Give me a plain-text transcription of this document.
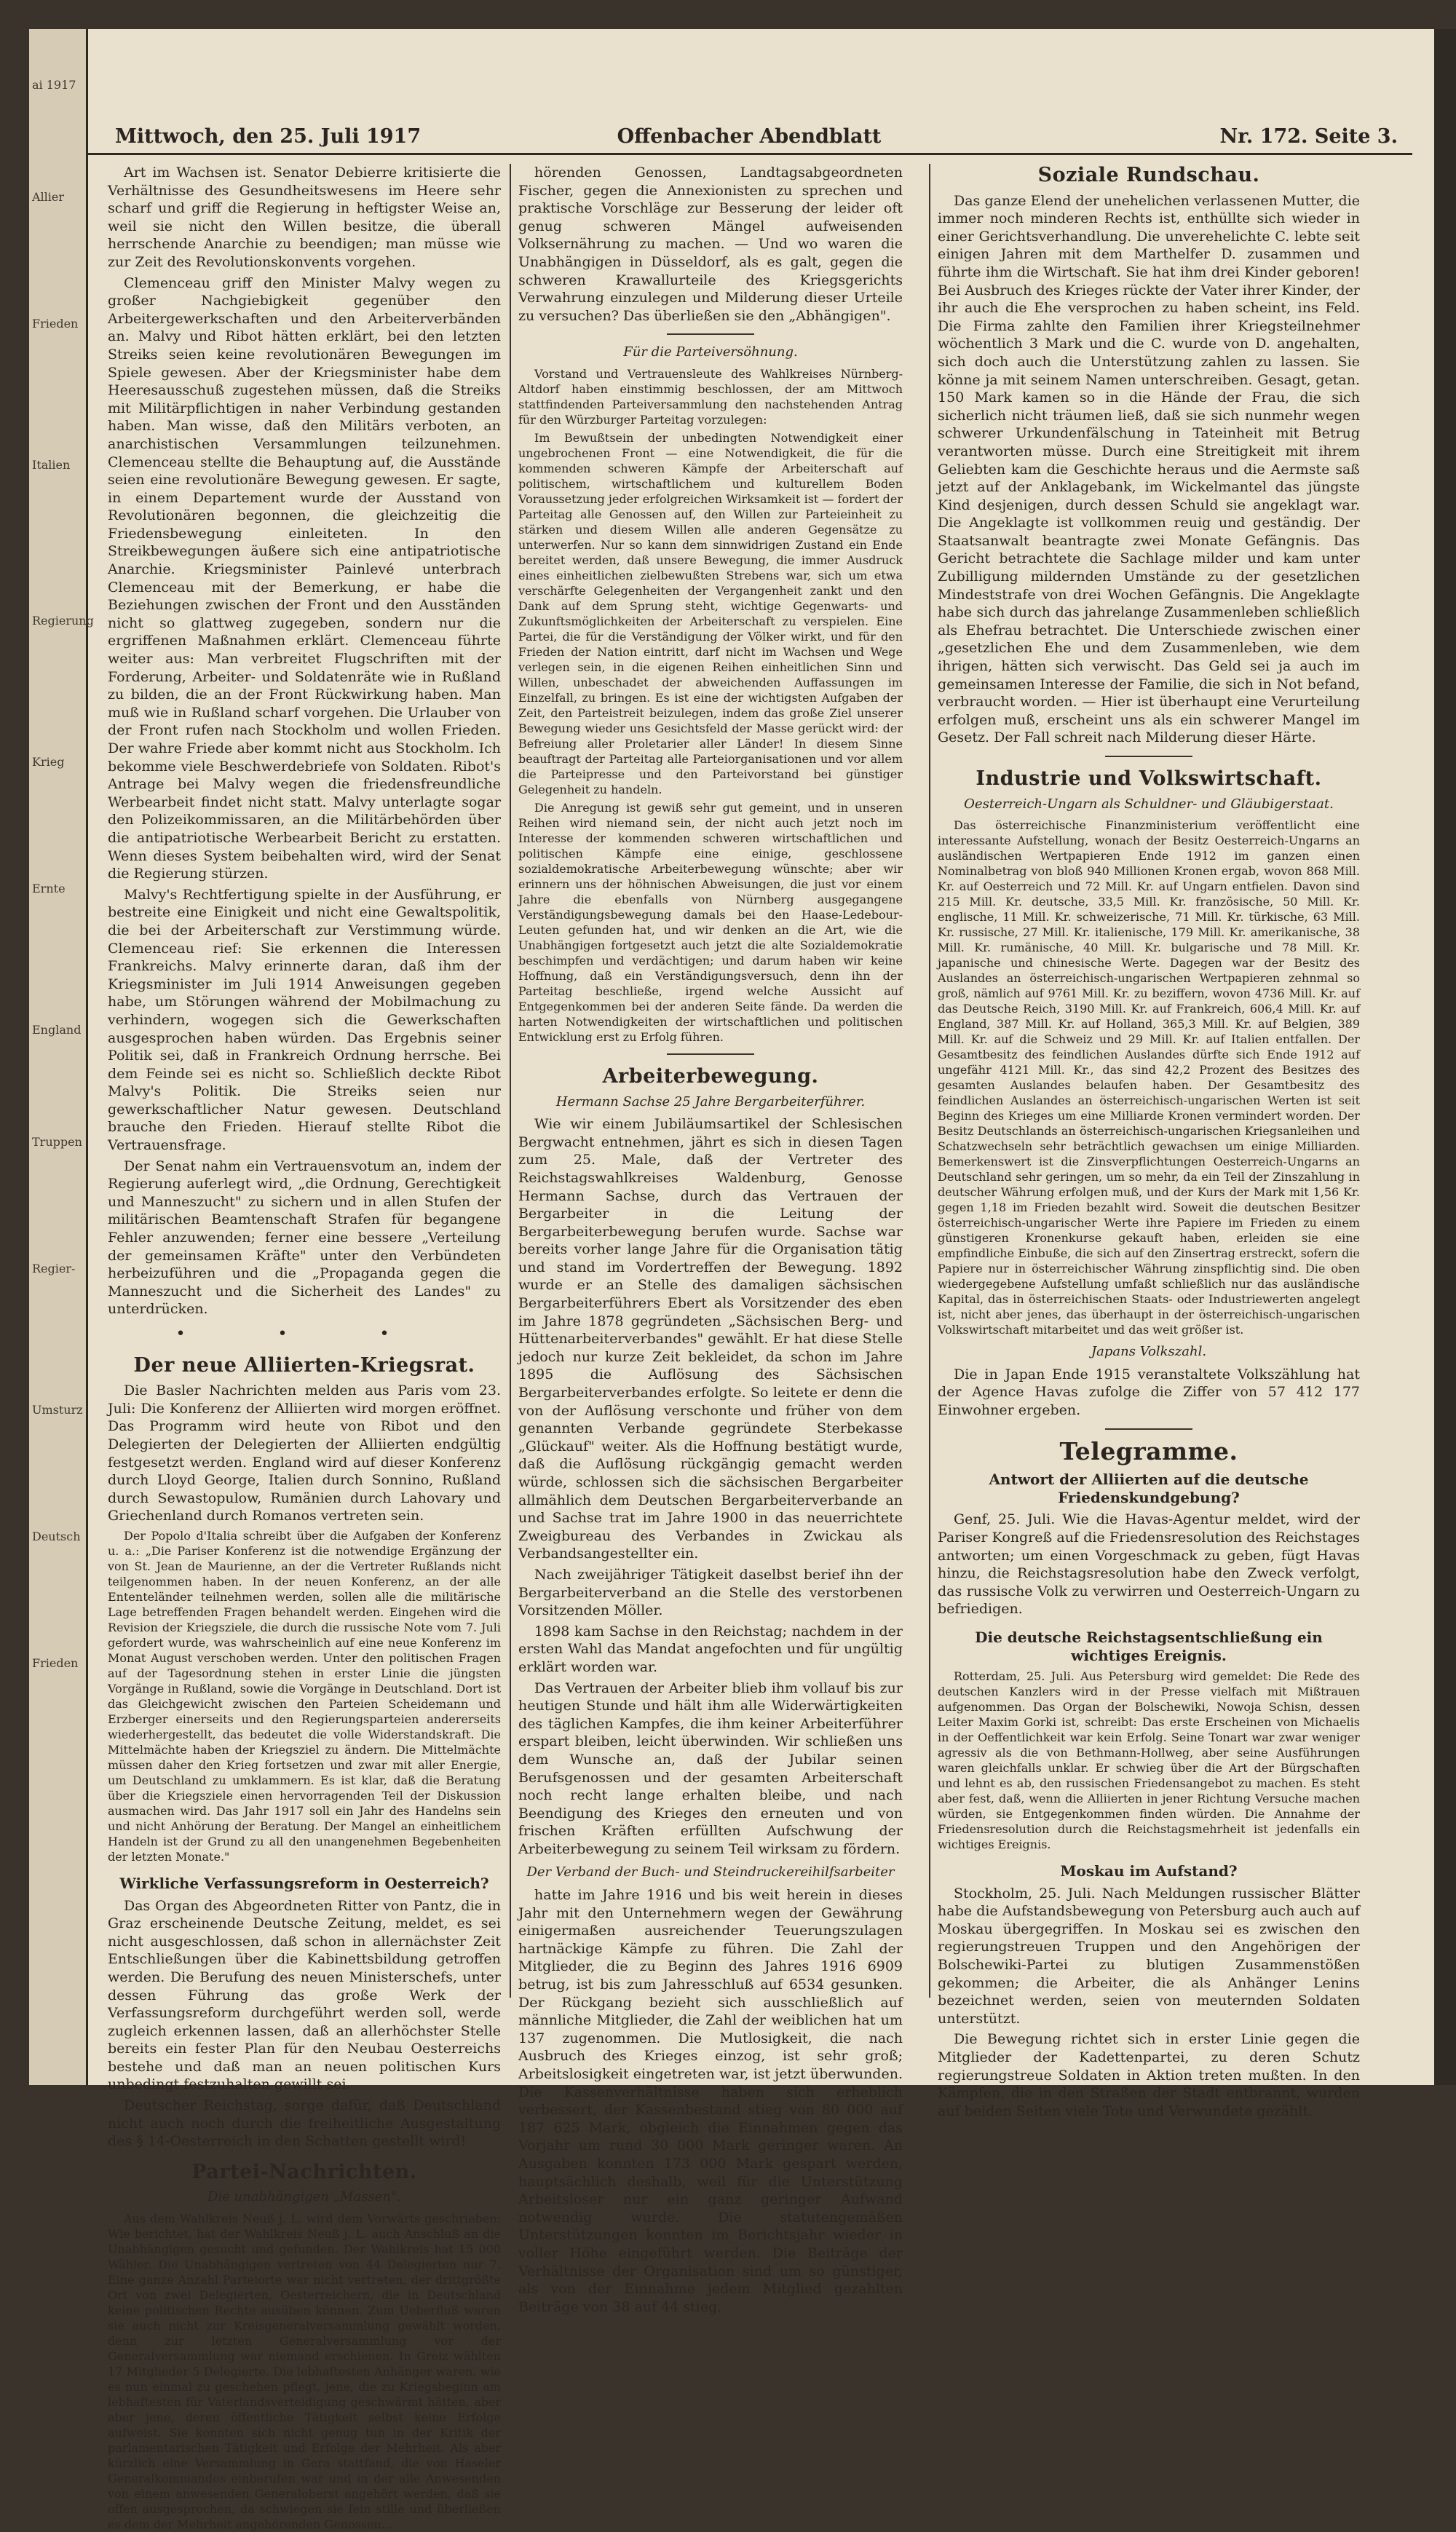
ai 1917
Allier
Frieden
Italien
Regierung
Krieg
Ernte
England
Truppen
Regier-
Umsturz
Deutsch
Frieden
Mittwoch, den 25. Juli 1917	Offenbacher Abendblatt	Nr. 172. Seite 3.

Art im Wachsen ist. Senator Debierre kritisierte die Verhältnisse des Gesundheitswesens im Heere sehr scharf und griff die Regierung in heftigster Weise an, weil sie nicht den Willen besitze, die überall herrschende Anarchie zu beendigen; man müsse wie zur Zeit des Revolutionskonvents vorgehen.

Clemenceau griff den Minister Malvy wegen zu großer Nachgiebigkeit gegenüber den Arbeitergewerkschaften und den Arbeiterverbänden an. Malvy und Ribot hätten erklärt, bei den letzten Streiks seien keine revolutionären Bewegungen im Spiele gewesen. Aber der Kriegsminister habe dem Heeresausschuß zugestehen müssen, daß die Streiks mit Militärpflichtigen in naher Verbindung gestanden haben. Man wisse, daß den Militärs verboten, an anarchistischen Versammlungen teilzunehmen. Clemenceau stellte die Behauptung auf, die Ausstände seien eine revolutionäre Bewegung gewesen. Er sagte, in einem Departement wurde der Ausstand von Revolutionären begonnen, die gleichzeitig die Friedensbewegung einleiteten. In den Streikbewegungen äußere sich eine antipatriotische Anarchie. Kriegsminister Painlevé unterbrach Clemenceau mit der Bemerkung, er habe die Beziehungen zwischen der Front und den Ausständen nicht so glattweg zugegeben, sondern nur die ergriffenen Maßnahmen erklärt. Clemenceau führte weiter aus: Man verbreitet Flugschriften mit der Forderung, Arbeiter- und Soldatenräte wie in Rußland zu bilden, die an der Front Rückwirkung haben. Man muß wie in Rußland scharf vorgehen. Die Urlauber von der Front rufen nach Stockholm und wollen Frieden. Der wahre Friede aber kommt nicht aus Stockholm. Ich bekomme viele Beschwerdebriefe von Soldaten. Ribot's Antrage bei Malvy wegen die friedensfreundliche Werbearbeit findet nicht statt. Malvy unterlagte sogar den Polizeikommissaren, an die Militärbehörden über die antipatriotische Werbearbeit Bericht zu erstatten. Wenn dieses System beibehalten wird, wird der Senat die Regierung stürzen.

Malvy's Rechtfertigung spielte in der Ausführung, er bestreite eine Einigkeit und nicht eine Gewaltspolitik, die bei der Arbeiterschaft zur Verstimmung würde. Clemenceau rief: Sie erkennen die Interessen Frankreichs. Malvy erinnerte daran, daß ihm der Kriegsminister im Juli 1914 Anweisungen gegeben habe, um Störungen während der Mobilmachung zu verhindern, wogegen sich die Gewerkschaften ausgesprochen haben würden. Das Ergebnis seiner Politik sei, daß in Frankreich Ordnung herrsche. Bei dem Feinde sei es nicht so. Schließlich deckte Ribot Malvy's Politik. Die Streiks seien nur gewerkschaftlicher Natur gewesen. Deutschland brauche den Frieden. Hierauf stellte Ribot die Vertrauensfrage.

Der Senat nahm ein Vertrauensvotum an, indem der Regierung auferlegt wird, „die Ordnung, Gerechtigkeit und Manneszucht" zu sichern und in allen Stufen der militärischen Beamtenschaft Strafen für begangene Fehler anzuwenden; ferner eine bessere „Verteilung der gemeinsamen Kräfte" unter den Verbündeten herbeizuführen und die „Propaganda gegen die Manneszucht und die Sicherheit des Landes" zu unterdrücken.

• • •
Der neue Alliierten-Kriegsrat.

Die Basler Nachrichten melden aus Paris vom 23. Juli: Die Konferenz der Alliierten wird morgen eröffnet. Das Programm wird heute von Ribot und den Delegierten der Delegierten der Alliierten endgültig festgesetzt werden. England wird auf dieser Konferenz durch Lloyd George, Italien durch Sonnino, Rußland durch Sewastopulow, Rumänien durch Lahovary und Griechenland durch Romanos vertreten sein.

Der Popolo d'Italia schreibt über die Aufgaben der Konferenz u. a.: „Die Pariser Konferenz ist die notwendige Ergänzung der von St. Jean de Maurienne, an der die Vertreter Rußlands nicht teilgenommen haben. In der neuen Konferenz, an der alle Ententeländer teilnehmen werden, sollen alle die militärische Lage betreffenden Fragen behandelt werden. Eingehen wird die Revision der Kriegsziele, die durch die russische Note vom 7. Juli gefordert wurde, was wahrscheinlich auf eine neue Konferenz im Monat August verschoben werden. Unter den politischen Fragen auf der Tagesordnung stehen in erster Linie die jüngsten Vorgänge in Rußland, sowie die Vorgänge in Deutschland. Dort ist das Gleichgewicht zwischen den Parteien Scheidemann und Erzberger einerseits und den Regierungsparteien andererseits wiederhergestellt, das bedeutet die volle Widerstandskraft. Die Mittelmächte haben der Kriegsziel zu ändern. Die Mittelmächte müssen daher den Krieg fortsetzen und zwar mit aller Energie, um Deutschland zu umklammern. Es ist klar, daß die Beratung über die Kriegsziele einen hervorragenden Teil der Diskussion ausmachen wird. Das Jahr 1917 soll ein Jahr des Handelns sein und nicht Anhörung der Beratung. Der Mangel an einheitlichem Handeln ist der Grund zu all den unangenehmen Begebenheiten der letzten Monate."

Wirkliche Verfassungsreform in Oesterreich?

Das Organ des Abgeordneten Ritter von Pantz, die in Graz erscheinende Deutsche Zeitung, meldet, es sei nicht ausgeschlossen, daß schon in allernächster Zeit Entschließungen über die Kabinettsbildung getroffen werden. Die Berufung des neuen Ministerschefs, unter dessen Führung das große Werk der Verfassungsreform durchgeführt werden soll, werde zugleich erkennen lassen, daß an allerhöchster Stelle bereits ein fester Plan für den Neubau Oesterreichs bestehe und daß man an neuen politischen Kurs unbedingt festzuhalten gewillt sei.

Deutscher Reichstag, sorge dafür, daß Deutschland nicht auch noch durch die freiheitliche Ausgestaltung des § 14-Oesterreich in den Schatten gestellt wird!

Partei-Nachrichten.
Die unabhängigen „Massen".

Aus dem Wahlkreis Neuß j. L. wird dem Vorwärts geschrieben: Wie berichtet, hat der Wahlkreis Neuß j. L. auch Anschluß an die Unabhängigen gesucht und gefunden. Der Wahlkreis hat 15 000 Wähler. Die Unabhängigen vertreten von 44 Delegierten nur 7. Eine ganze Anzahl Parteiorte war nicht vertreten, der drittgrößte Ort von zwei Delegierten, Oesterreichern, die in Deutschland keine politischen Rechte ausüben können. Zum Ueberfluß waren sie auch nicht zur Kreisgeneralversammlung gewählt worden, denn zur letzten Generalversammlung vor der Generalversammlung war niemand erschienen. In Greiz wählten 17 Mitglieder 5 Delegierte. Die lebhaftesten Anhänger waren, wie es nun einmal zu geschehen pflegt, jene, die zu Kriegsbeginn am lebhaftesten für Vaterlandsverteidigung geschwärmt hätten, aber aber jene, deren öffentliche Tätigkeit selbst keine Erfolge aufweist. Sie konnten sich nicht genug tun in der Kritik der parlamentarischen Tätigkeit und Erfolge der Mehrheit. Als aber kürzlich eine Versammlung in Gera stattfand, die von Haseler Generalkommandos einberufen war und in der alle Anwesenden von einem anwesenden Generaloberst angehört werden, daß sie offen ausgesprochen, da schwiegen sie fein stille und überließen es dem der Mehrheit angehörenden Genossen...

hörenden Genossen, Landtagsabgeordneten Fischer, gegen die Annexionisten zu sprechen und praktische Vorschläge zur Besserung der leider oft genug schweren Mängel aufweisenden Volksernährung zu machen. — Und wo waren die Unabhängigen in Düsseldorf, als es galt, gegen die schweren Krawallurteile des Kriegsgerichts Verwahrung einzulegen und Milderung dieser Urteile zu versuchen? Das überließen sie den „Abhängigen".

Für die Parteiversöhnung.

Vorstand und Vertrauensleute des Wahlkreises Nürnberg-Altdorf haben einstimmig beschlossen, der am Mittwoch stattfindenden Parteiversammlung den nachstehenden Antrag für den Würzburger Parteitag vorzulegen:

Im Bewußtsein der unbedingten Notwendigkeit einer ungebrochenen Front — eine Notwendigkeit, die für die kommenden schweren Kämpfe der Arbeiterschaft auf politischem, wirtschaftlichem und kulturellem Boden Voraussetzung jeder erfolgreichen Wirksamkeit ist — fordert der Parteitag alle Genossen auf, den Willen zur Parteieinheit zu stärken und diesem Willen alle anderen Gegensätze zu unterwerfen. Nur so kann dem sinnwidrigen Zustand ein Ende bereitet werden, daß unsere Bewegung, die immer Ausdruck eines einheitlichen zielbewußten Strebens war, sich um etwa verschärfte Gelegenheiten der Vergangenheit zankt und den Dank auf dem Sprung steht, wichtige Gegenwarts- und Zukunftsmöglichkeiten der Arbeiterschaft zu verspielen. Eine Partei, die für die Verständigung der Völker wirkt, und für den Frieden der Nation eintritt, darf nicht im Wachsen und Wege verlegen sein, in die eigenen Reihen einheitlichen Sinn und Willen, unbeschadet der abweichenden Auffassungen im Einzelfall, zu bringen. Es ist eine der wichtigsten Aufgaben der Zeit, den Parteistreit beizulegen, indem das große Ziel unserer Bewegung wieder uns Gesichtsfeld der Masse gerückt wird: der Befreiung aller Proletarier aller Länder! In diesem Sinne beauftragt der Parteitag alle Parteiorganisationen und vor allem die Parteipresse und den Parteivorstand bei günstiger Gelegenheit zu handeln.

Die Anregung ist gewiß sehr gut gemeint, und in unseren Reihen wird niemand sein, der nicht auch jetzt noch im Interesse der kommenden schweren wirtschaftlichen und politischen Kämpfe eine einige, geschlossene sozialdemokratische Arbeiterbewegung wünschte; aber wir erinnern uns der höhnischen Abweisungen, die just vor einem Jahre die ebenfalls von Nürnberg ausgegangene Verständigungsbewegung damals bei den Haase-Ledebour-Leuten gefunden hat, und wir denken an die Art, wie die Unabhängigen fortgesetzt auch jetzt die alte Sozialdemokratie beschimpfen und verdächtigen; und darum haben wir keine Hoffnung, daß ein Verständigungsversuch, denn ihn der Parteitag beschließe, irgend welche Aussicht auf Entgegenkommen bei der anderen Seite fände. Da werden die harten Notwendigkeiten der wirtschaftlichen und politischen Entwicklung erst zu Erfolg führen.

Arbeiterbewegung.
Hermann Sachse 25 Jahre Bergarbeiterführer.

Wie wir einem Jubiläumsartikel der Schlesischen Bergwacht entnehmen, jährt es sich in diesen Tagen zum 25. Male, daß der Vertreter des Reichstagswahlkreises Waldenburg, Genosse Hermann Sachse, durch das Vertrauen der Bergarbeiter in die Leitung der Bergarbeiterbewegung berufen wurde. Sachse war bereits vorher lange Jahre für die Organisation tätig und stand im Vordertreffen der Bewegung. 1892 wurde er an Stelle des damaligen sächsischen Bergarbeiterführers Ebert als Vorsitzender des eben im Jahre 1878 gegründeten „Sächsischen Berg- und Hüttenarbeiterverbandes" gewählt. Er hat diese Stelle jedoch nur kurze Zeit bekleidet, da schon im Jahre 1895 die Auflösung des Sächsischen Bergarbeiterverbandes erfolgte. So leitete er denn die von der Auflösung verschonte und früher von dem genannten Verbande gegründete Sterbekasse „Glückauf" weiter. Als die Hoffnung bestätigt wurde, daß die Auflösung rückgängig gemacht werden würde, schlossen sich die sächsischen Bergarbeiter allmählich dem Deutschen Bergarbeiterverbande an und Sachse trat im Jahre 1900 in das neuerrichtete Zweigbureau des Verbandes in Zwickau als Verbandsangestellter ein.

Nach zweijähriger Tätigkeit daselbst berief ihn der Bergarbeiterverband an die Stelle des verstorbenen Vorsitzenden Möller.

1898 kam Sachse in den Reichstag; nachdem in der ersten Wahl das Mandat angefochten und für ungültig erklärt worden war.

Das Vertrauen der Arbeiter blieb ihm vollauf bis zur heutigen Stunde und hält ihm alle Widerwärtigkeiten des täglichen Kampfes, die ihm keiner Arbeiterführer erspart bleiben, leicht überwinden. Wir schließen uns dem Wunsche an, daß der Jubilar seinen Berufsgenossen und der gesamten Arbeiterschaft noch recht lange erhalten bleibe, und nach Beendigung des Krieges den erneuten und von frischen Kräften erfüllten Aufschwung der Arbeiterbewegung zu seinem Teil wirksam zu fördern.

Der Verband der Buch- und Steindruckereihilfsarbeiter

hatte im Jahre 1916 und bis weit herein in dieses Jahr mit den Unternehmern wegen der Gewährung einigermaßen ausreichender Teuerungszulagen hartnäckige Kämpfe zu führen. Die Zahl der Mitglieder, die zu Beginn des Jahres 1916 6909 betrug, ist bis zum Jahresschluß auf 6534 gesunken. Der Rückgang bezieht sich ausschließlich auf männliche Mitglieder, die Zahl der weiblichen hat um 137 zugenommen. Die Mutlosigkeit, die nach Ausbruch des Krieges einzog, ist sehr groß; Arbeitslosigkeit eingetreten war, ist jetzt überwunden. Die Kassenverhältnisse haben sich erheblich verbessert, der Kassenbestand stieg von 80 000 auf 187 625 Mark, obgleich die Einnahmen gegen das Vorjahr um rund 30 000 Mark geringer waren. An Ausgaben konnten 173 000 Mark gespart werden, hauptsächlich deshalb, weil für die Unterstützung Arbeitsloser nur ein ganz geringer Aufwand notwendig wurde. Die statutengemäßen Unterstützungen konnten im Berichtsjahr wieder in voller Höhe eingeführt werden. Die Beiträge der Verhältnisse der Organisation sind um so günstiger, als von der Einnahme jedem Mitglied gezahlten Beiträge von 38 auf 44 stieg.

Soziale Rundschau.

Das ganze Elend der unehelichen verlassenen Mutter, die immer noch minderen Rechts ist, enthüllte sich wieder in einer Gerichtsverhandlung. Die unverehelichte C. lebte seit einigen Jahren mit dem Marthelfer D. zusammen und führte ihm die Wirtschaft. Sie hat ihm drei Kinder geboren! Bei Ausbruch des Krieges rückte der Vater ihrer Kinder, der ihr auch die Ehe versprochen zu haben scheint, ins Feld. Die Firma zahlte den Familien ihrer Kriegsteilnehmer wöchentlich 3 Mark und die C. wurde von D. angehalten, sich doch auch die Unterstützung zahlen zu lassen. Sie könne ja mit seinem Namen unterschreiben. Gesagt, getan. 150 Mark kamen so in die Hände der Frau, die sich sicherlich nicht träumen ließ, daß sie sich nunmehr wegen schwerer Urkundenfälschung in Tateinheit mit Betrug verantworten müsse. Durch eine Streitigkeit mit ihrem Geliebten kam die Geschichte heraus und die Aermste saß jetzt auf der Anklagebank, im Wickelmantel das jüngste Kind desjenigen, durch dessen Schuld sie angeklagt war. Die Angeklagte ist vollkommen reuig und geständig. Der Staatsanwalt beantragte zwei Monate Gefängnis. Das Gericht betrachtete die Sachlage milder und kam unter Zubilligung mildernden Umstände zu der gesetzlichen Mindeststrafe von drei Wochen Gefängnis. Die Angeklagte habe sich durch das jahrelange Zusammenleben schließlich als Ehefrau betrachtet. Die Unterschiede zwischen einer „gesetzlichen Ehe und dem Zusammenleben, wie dem ihrigen, hätten sich verwischt. Das Geld sei ja auch im gemeinsamen Interesse der Familie, die sich in Not befand, verbraucht worden. — Hier ist überhaupt eine Verurteilung erfolgen muß, erscheint uns als ein schwerer Mangel im Gesetz. Der Fall schreit nach Milderung dieser Härte.

Industrie und Volkswirtschaft.
Oesterreich-Ungarn als Schuldner- und Gläubigerstaat.

Das österreichische Finanzministerium veröffentlicht eine interessante Aufstellung, wonach der Besitz Oesterreich-Ungarns an ausländischen Wertpapieren Ende 1912 im ganzen einen Nominalbetrag von bloß 940 Millionen Kronen ergab, wovon 868 Mill. Kr. auf Oesterreich und 72 Mill. Kr. auf Ungarn entfielen. Davon sind 215 Mill. Kr. deutsche, 33,5 Mill. Kr. französische, 50 Mill. Kr. englische, 11 Mill. Kr. schweizerische, 71 Mill. Kr. türkische, 63 Mill. Kr. russische, 27 Mill. Kr. italienische, 179 Mill. Kr. amerikanische, 38 Mill. Kr. rumänische, 40 Mill. Kr. bulgarische und 78 Mill. Kr. japanische und chinesische Werte. Dagegen war der Besitz des Auslandes an österreichisch-ungarischen Wertpapieren zehnmal so groß, nämlich auf 9761 Mill. Kr. zu beziffern, wovon 4736 Mill. Kr. auf das Deutsche Reich, 3190 Mill. Kr. auf Frankreich, 606,4 Mill. Kr. auf England, 387 Mill. Kr. auf Holland, 365,3 Mill. Kr. auf Belgien, 389 Mill. Kr. auf die Schweiz und 29 Mill. Kr. auf Italien entfallen. Der Gesamtbesitz des feindlichen Auslandes dürfte sich Ende 1912 auf ungefähr 4121 Mill. Kr., das sind 42,2 Prozent des Besitzes des gesamten Auslandes belaufen haben. Der Gesamtbesitz des feindlichen Auslandes an österreichisch-ungarischen Werten ist seit Beginn des Krieges um eine Milliarde Kronen vermindert worden. Der Besitz Deutschlands an österreichisch-ungarischen Kriegsanleihen und Schatzwechseln sehr beträchtlich gewachsen um einige Milliarden. Bemerkenswert ist die Zinsverpflichtungen Oesterreich-Ungarns an Deutschland sehr geringen, um so mehr, da ein Teil der Zinszahlung in deutscher Währung erfolgen muß, und der Kurs der Mark mit 1,56 Kr. gegen 1,18 im Frieden bezahlt wird. Soweit die deutschen Besitzer österreichisch-ungarischer Werte ihre Papiere im Frieden zu einem günstigeren Kronenkurse gekauft haben, erleiden sie eine empfindliche Einbuße, die sich auf den Zinsertrag erstreckt, sofern die Papiere nur in österreichischer Währung zinspflichtig sind. Die oben wiedergegebene Aufstellung umfaßt schließlich nur das ausländische Kapital, das in österreichischen Staats- oder Industriewerten angelegt ist, nicht aber jenes, das überhaupt in der österreichisch-ungarischen Volkswirtschaft mitarbeitet und das weit größer ist.

Japans Volkszahl.

Die in Japan Ende 1915 veranstaltete Volkszählung hat der Agence Havas zufolge die Ziffer von 57 412 177 Einwohner ergeben.

Telegramme.
Antwort der Alliierten auf die deutsche Friedenskundgebung?

Genf, 25. Juli. Wie die Havas-Agentur meldet, wird der Pariser Kongreß auf die Friedensresolution des Reichstages antworten; um einen Vorgeschmack zu geben, fügt Havas hinzu, die Reichstagsresolution habe den Zweck verfolgt, das russische Volk zu verwirren und Oesterreich-Ungarn zu befriedigen.

Die deutsche Reichstagsentschließung ein wichtiges Ereignis.

Rotterdam, 25. Juli. Aus Petersburg wird gemeldet: Die Rede des deutschen Kanzlers wird in der Presse vielfach mit Mißtrauen aufgenommen. Das Organ der Bolschewiki, Nowoja Schisn, dessen Leiter Maxim Gorki ist, schreibt: Das erste Erscheinen von Michaelis in der Oeffentlichkeit war kein Erfolg. Seine Tonart war zwar weniger agressiv als die von Bethmann-Hollweg, aber seine Ausführungen waren gleichfalls unklar. Er schwieg über die Art der Bürgschaften und lehnt es ab, den russischen Friedensangebot zu machen. Es steht aber fest, daß, wenn die Alliierten in jener Richtung Versuche machen würden, sie Entgegenkommen finden würden. Die Annahme der Friedensresolution durch die Reichstagsmehrheit ist jedenfalls ein wichtiges Ereignis.

Moskau im Aufstand?

Stockholm, 25. Juli. Nach Meldungen russischer Blätter habe die Aufstandsbewegung von Petersburg auch auch auf Moskau übergegriffen. In Moskau sei es zwischen den regierungstreuen Truppen und den Angehörigen der Bolschewiki-Partei zu blutigen Zusammenstößen gekommen; die Arbeiter, die als Anhänger Lenins bezeichnet werden, seien von meuternden Soldaten unterstützt.

Die Bewegung richtet sich in erster Linie gegen die Mitglieder der Kadettenpartei, zu deren Schutz regierungstreue Soldaten in Aktion treten mußten. In den Kämpfen, die in den Straßen der Stadt entbrannt, wurden auf beiden Seiten viele Tote und Verwundete gezählt.
